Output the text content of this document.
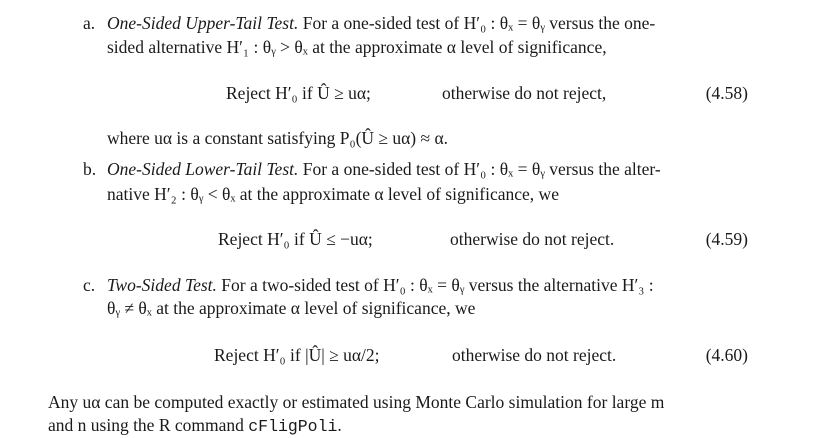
a. One-Sided Upper-Tail Test. For a one-sided test of H′₀ : θₓ = θᵧ versus the one-
sided alternative H′₁ : θᵧ > θₓ at the approximate α level of significance,
Reject H′₀ if Û ≥ uα;	otherwise do not reject,	(4.58)
where uα is a constant satisfying P₀(Û ≥ uα) ≈ α.
b. One-Sided Lower-Tail Test. For a one-sided test of H′₀ : θₓ = θᵧ versus the alter-
native H′₂ : θᵧ < θₓ at the approximate α level of significance, we
Reject H′₀ if Û ≤ −uα;	otherwise do not reject.	(4.59)
c. Two-Sided Test. For a two-sided test of H′₀ : θₓ = θᵧ versus the alternative H′₃ :
θᵧ ≠ θₓ at the approximate α level of significance, we
Reject H′₀ if |Û| ≥ uα/2;	otherwise do not reject.	(4.60)
Any uα can be computed exactly or estimated using Monte Carlo simulation for large m
and n using the R command cFligPoli.
